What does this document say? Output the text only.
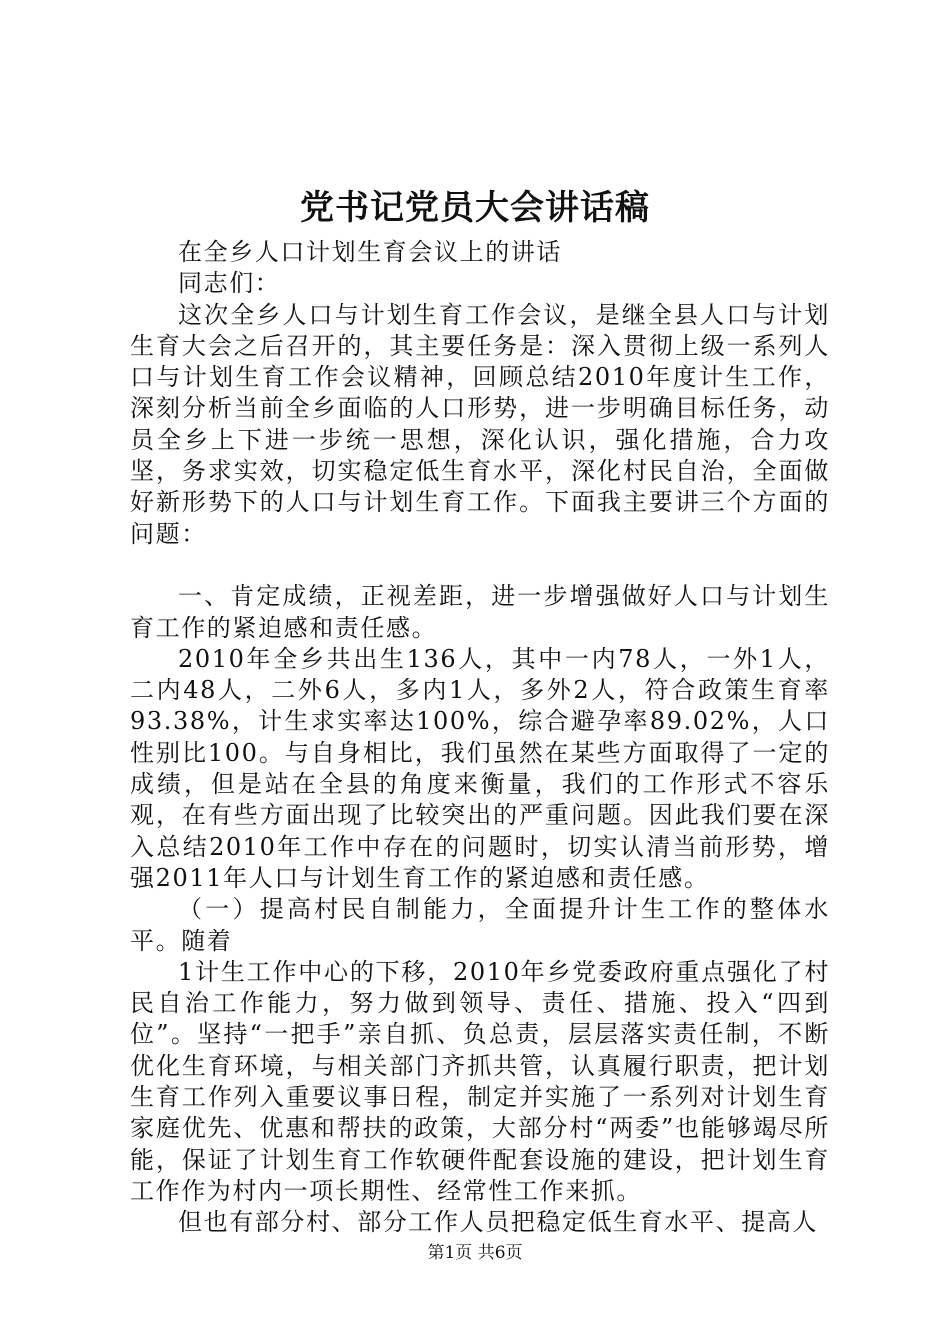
党书记党员大会讲话稿

在全乡人口计划生育会议上的讲话

同志们：

这次全乡人口与计划生育工作会议，是继全县人口与计划生育大会之后召开的，其主要任务是：深入贯彻上级一系列人口与计划生育工作会议精神，回顾总结2010年度计生工作，深刻分析当前全乡面临的人口形势，进一步明确目标任务，动员全乡上下进一步统一思想，深化认识，强化措施，合力攻坚，务求实效，切实稳定低生育水平，深化村民自治，全面做好新形势下的人口与计划生育工作。下面我主要讲三个方面的问题：

一、肯定成绩，正视差距，进一步增强做好人口与计划生育工作的紧迫感和责任感。

2010年全乡共出生136人，其中一内78人，一外1人，二内48人，二外6人，多内1人，多外2人，符合政策生育率93.38%，计生求实率达100%，综合避孕率89.02%，人口性别比100。与自身相比，我们虽然在某些方面取得了一定的成绩，但是站在全县的角度来衡量，我们的工作形式不容乐观，在有些方面出现了比较突出的严重问题。因此我们要在深入总结2010年工作中存在的问题时，切实认清当前形势，增强2011年人口与计划生育工作的紧迫感和责任感。

（一）提高村民自制能力，全面提升计生工作的整体水平。随着

1计生工作中心的下移，2010年乡党委政府重点强化了村民自治工作能力，努力做到领导、责任、措施、投入“四到位”。坚持“一把手”亲自抓、负总责，层层落实责任制，不断优化生育环境，与相关部门齐抓共管，认真履行职责，把计划生育工作列入重要议事日程，制定并实施了一系列对计划生育家庭优先、优惠和帮扶的政策，大部分村“两委”也能够竭尽所能，保证了计划生育工作软硬件配套设施的建设，把计划生育工作作为村内一项长期性、经常性工作来抓。

但也有部分村、部分工作人员把稳定低生育水平、提高人

第1页 共6页
